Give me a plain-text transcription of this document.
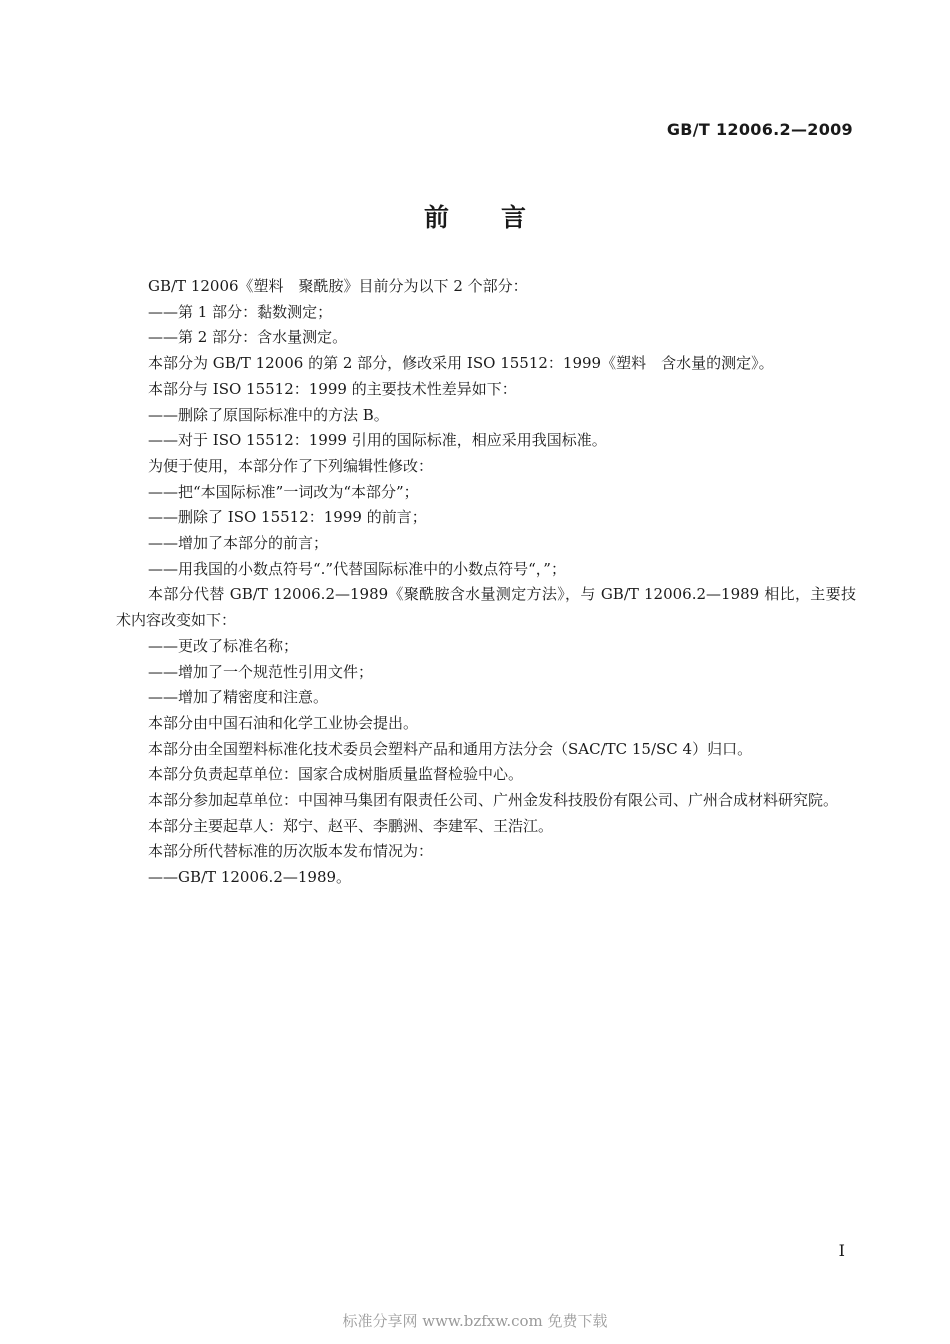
GB/T 12006.2—2009
前言

GB/T 12006《塑料　聚酰胺》目前分为以下 2 个部分：

——第 1 部分：黏数测定；

——第 2 部分：含水量测定。

本部分为 GB/T 12006 的第 2 部分，修改采用 ISO 15512：1999《塑料　含水量的测定》。

本部分与 ISO 15512：1999 的主要技术性差异如下：

——删除了原国际标准中的方法 B。

——对于 ISO 15512：1999 引用的国际标准，相应采用我国标准。

为便于使用，本部分作了下列编辑性修改：

——把“本国际标准”一词改为“本部分”；

——删除了 ISO 15512：1999 的前言；

——增加了本部分的前言；

——用我国的小数点符号“.”代替国际标准中的小数点符号“，”；

本部分代替 GB/T 12006.2—1989《聚酰胺含水量测定方法》，与 GB/T 12006.2—1989 相比，主要技术内容改变如下：

——更改了标准名称；

——增加了一个规范性引用文件；

——增加了精密度和注意。

本部分由中国石油和化学工业协会提出。

本部分由全国塑料标准化技术委员会塑料产品和通用方法分会（SAC/TC 15/SC 4）归口。

本部分负责起草单位：国家合成树脂质量监督检验中心。

本部分参加起草单位：中国神马集团有限责任公司、广州金发科技股份有限公司、广州合成材料研究院。

本部分主要起草人：郑宁、赵平、李鹏洲、李建军、王浩江。

本部分所代替标准的历次版本发布情况为：

——GB/T 12006.2—1989。

I
标准分享网 www.bzfxw.com 免费下载
